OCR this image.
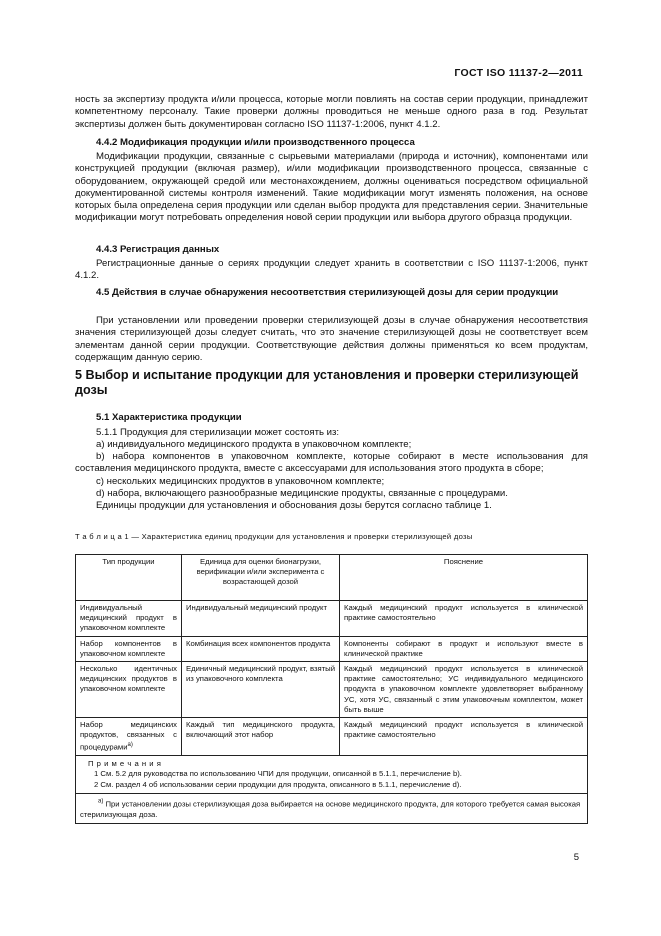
ГОСТ ISO 11137-2—2011
ность за экспертизу продукта и/или процесса, которые могли повлиять на состав серии продукции, принадлежит компетентному персоналу. Такие проверки должны проводиться не меньше одного раза в год. Результат экспертизы должен быть документирован согласно ISO 11137-1:2006, пункт 4.1.2.
4.4.2 Модификация продукции и/или производственного процесса
Модификации продукции, связанные с сырьевыми материалами (природа и источник), компонентами или конструкцией продукции (включая размер), и/или модификации производственного процесса, связанные с оборудованием, окружающей средой или местонахождением, должны оцениваться посредством официальной документированной системы контроля изменений. Такие модификации могут изменять положения, на основе которых была определена серия продукции или сделан выбор продукта для представления серии. Значительные модификации могут потребовать определения новой серии продукции или выбора другого образца продукции.
4.4.3 Регистрация данных
Регистрационные данные о сериях продукции следует хранить в соответствии с ISO 11137-1:2006, пункт 4.1.2.
4.5 Действия в случае обнаружения несоответствия стерилизующей дозы для серии продукции
При установлении или проведении проверки стерилизующей дозы в случае обнаружения несоответствия значения стерилизующей дозы следует считать, что это значение стерилизующей дозы не соответствует всем элементам данной серии продукции. Соответствующие действия должны применяться ко всем продуктам, содержащим данную серию.
5 Выбор и испытание продукции для установления и проверки стерилизующей дозы
5.1 Характеристика продукции
5.1.1 Продукция для стерилизации может состоять из:
a) индивидуального медицинского продукта в упаковочном комплекте;
b) набора компонентов в упаковочном комплекте, которые собирают в месте использования для составления медицинского продукта, вместе с аксессуарами для использования этого продукта в сборе;
c) нескольких медицинских продуктов в упаковочном комплекте;
d) набора, включающего разнообразные медицинские продукты, связанные с процедурами.
Единицы продукции для установления и обоснования дозы берутся согласно таблице 1.
Т а б л и ц а 1 — Характеристика единиц продукции для установления и проверки стерилизующей дозы
Тип продукции	Единица для оценки бионагрузки, верификации и/или эксперимента с возрастающей дозой	Пояснение
Индивидуальный медицинский продукт в упаковочном комплекте	Индивидуальный медицинский продукт	Каждый медицинский продукт используется в клинической практике самостоятельно
Набор компонентов в упаковочном комплекте	Комбинация всех компонентов продукта	Компоненты собирают в продукт и используют вместе в клинической практике
Несколько идентичных медицинских продуктов в упаковочном комплекте	Единичный медицинский продукт, взятый из упаковочного комплекта	Каждый медицинский продукт используется в клинической практике самостоятельно; УС индивидуального медицинского продукта в упаковочном комплекте удовлетворяет выбранному УС, хотя УС, связанный с этим упаковочным комплектом, может быть выше
Набор медицинских продуктов, связанных с процедурами$^{а)}$	Каждый тип медицинского продукта, включающий этот набор	Каждый медицинский продукт используется в клинической практике самостоятельно

П р и м е ч а н и я
1 См. 5.2 для руководства по использованию ЧПИ для продукции, описанной в 5.1.1, перечисление b).
2 См. раздел 4 об использовании серии продукции для продукта, описанного в 5.1.1, перечисление d).		

$^{а)}$ При установлении дозы стерилизующая доза выбирается на основе медицинского продукта, для которого требуется самая высокая стерилизующая доза.		
5
